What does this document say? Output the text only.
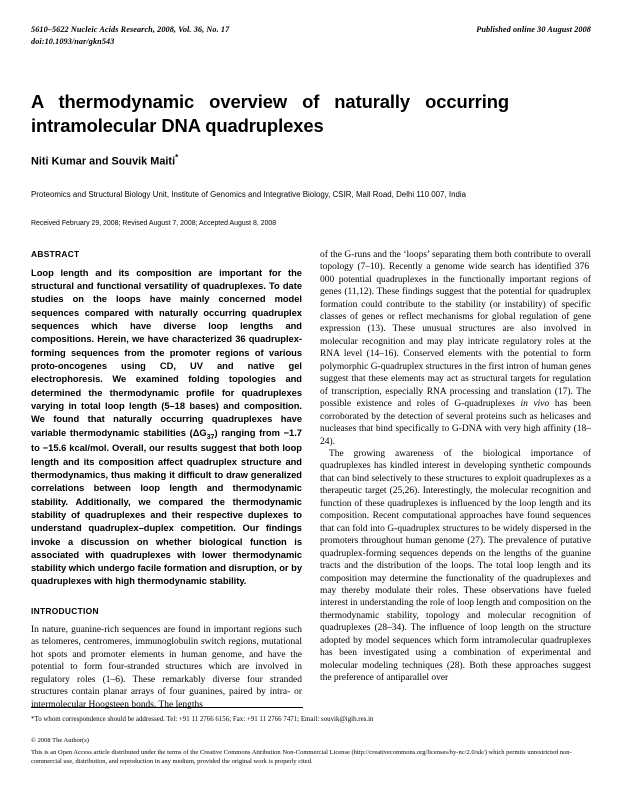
5610–5622 Nucleic Acids Research, 2008, Vol. 36, No. 17
doi:10.1093/nar/gkn543
Published online 30 August 2008
A thermodynamic overview of naturally occurring intramolecular DNA quadruplexes
Niti Kumar and Souvik Maiti*
Proteomics and Structural Biology Unit, Institute of Genomics and Integrative Biology, CSIR, Mall Road, Delhi 110 007, India
Received February 29, 2008; Revised August 7, 2008; Accepted August 8, 2008
ABSTRACT

Loop length and its composition are important for the structural and functional versatility of quadruplexes. To date studies on the loops have mainly concerned model sequences compared with naturally occurring quadruplex sequences which have diverse loop lengths and compositions. Herein, we have characterized 36 quadruplex-forming sequences from the promoter regions of various proto-oncogenes using CD, UV and native gel electrophoresis. We examined folding topologies and determined the thermodynamic profile for quadruplexes varying in total loop length (5–18 bases) and composition. We found that naturally occurring quadruplexes have variable thermodynamic stabilities $(\Delta G_{37})$ ranging from −1.7 to −15.6 kcal/mol. Overall, our results suggest that both loop length and its composition affect quadruplex structure and thermodynamics, thus making it difficult to draw generalized correlations between loop length and thermodynamic stability. Additionally, we compared the thermodynamic stability of quadruplexes and their respective duplexes to understand quadruplex–duplex competition. Our findings invoke a discussion on whether biological function is associated with quadruplexes with lower thermodynamic stability which undergo facile formation and disruption, or by quadruplexes with high thermodynamic stability.

INTRODUCTION

In nature, guanine-rich sequences are found in important regions such as telomeres, centromeres, immunoglobulin switch regions, mutational hot spots and promoter elements in human genome, and have the potential to form four-stranded structures which are involved in regulatory roles (1–6). These remarkably diverse four stranded structures contain planar arrays of four guanines, paired by intra- or intermolecular Hoogsteen bonds. The lengths

of the G-runs and the ‘loops’ separating them both contribute to overall topology (7–10). Recently a genome wide search has identified 376 000 potential quadruplexes in the functionally important regions of genes (11,12). These findings suggest that the potential for quadruplex formation could contribute to the stability (or instability) of specific classes of genes or reflect mechanisms for global regulation of gene expression (13). These unusual structures are also involved in molecular recognition and may play intricate regulatory roles at the RNA level (14–16). Conserved elements with the potential to form polymorphic G-quadruplex structures in the first intron of human genes suggest that these elements may act as structural targets for regulation of transcription, especially RNA processing and translation (17). The possible existence and roles of G-quadruplexes in vivo has been corroborated by the detection of several proteins such as helicases and nucleases that bind specifically to G-DNA with very high affinity (18–24).

The growing awareness of the biological importance of quadruplexes has kindled interest in developing synthetic compounds that can bind selectively to these structures to exploit quadruplexes as a therapeutic target (25,26). Interestingly, the molecular recognition and function of these quadruplexes is influenced by the loop length and its composition. Recent computational approaches have found sequences that can fold into G-quadruplex structures to be widely dispersed in the promoters throughout human genome (27). The prevalence of putative quadruplex-forming sequences depends on the lengths of the guanine tracts and the distribution of the loops. The total loop length and its composition may determine the functionality of the quadruplexes and may thereby modulate their roles. These observations have fueled interest in understanding the role of loop length and composition on the thermodynamic stability, topology and molecular recognition of quadruplexes (28–34). The influence of loop length on the structure adopted by model sequences which form intramolecular quadruplexes has been investigated using a combination of experimental and molecular modeling techniques (28). Both these approaches suggest the preference of antiparallel over

*To whom correspondence should be addressed. Tel: +91 11 2766 6156; Fax: +91 11 2766 7471; Email: souvik@igib.res.in

© 2008 The Author(s)

This is an Open Access article distributed under the terms of the Creative Commons Attribution Non-Commercial License (http://creativecommons.org/licenses/by-nc/2.0/uk/) which permits unrestricted non-commercial use, distribution, and reproduction in any medium, provided the original work is properly cited.
